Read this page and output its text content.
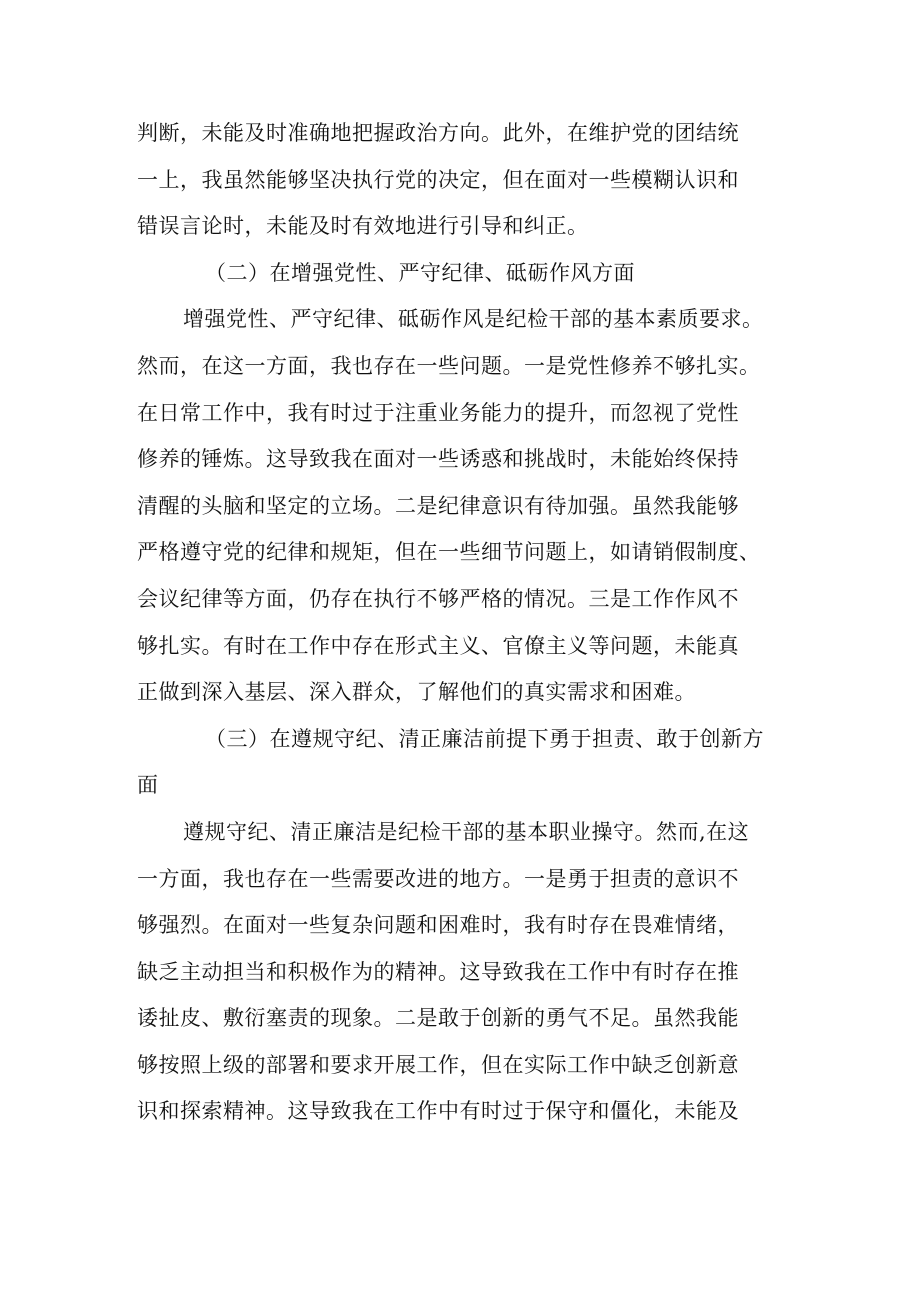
判断，未能及时准确地把握政治方向。此外，在维护党的团结统
一上，我虽然能够坚决执行党的决定，但在面对一些模糊认识和
错误言论时，未能及时有效地进行引导和纠正。
（二）在增强党性、严守纪律、砥砺作风方面
增强党性、严守纪律、砥砺作风是纪检干部的基本素质要求。
然而，在这一方面，我也存在一些问题。一是党性修养不够扎实。
在日常工作中，我有时过于注重业务能力的提升，而忽视了党性
修养的锤炼。这导致我在面对一些诱惑和挑战时，未能始终保持
清醒的头脑和坚定的立场。二是纪律意识有待加强。虽然我能够
严格遵守党的纪律和规矩，但在一些细节问题上，如请销假制度、
会议纪律等方面，仍存在执行不够严格的情况。三是工作作风不
够扎实。有时在工作中存在形式主义、官僚主义等问题，未能真
正做到深入基层、深入群众，了解他们的真实需求和困难。
（三）在遵规守纪、清正廉洁前提下勇于担责、敢于创新方
面
遵规守纪、清正廉洁是纪检干部的基本职业操守。然而,在这
一方面，我也存在一些需要改进的地方。一是勇于担责的意识不
够强烈。在面对一些复杂问题和困难时，我有时存在畏难情绪，
缺乏主动担当和积极作为的精神。这导致我在工作中有时存在推
诿扯皮、敷衍塞责的现象。二是敢于创新的勇气不足。虽然我能
够按照上级的部署和要求开展工作，但在实际工作中缺乏创新意
识和探索精神。这导致我在工作中有时过于保守和僵化，未能及
